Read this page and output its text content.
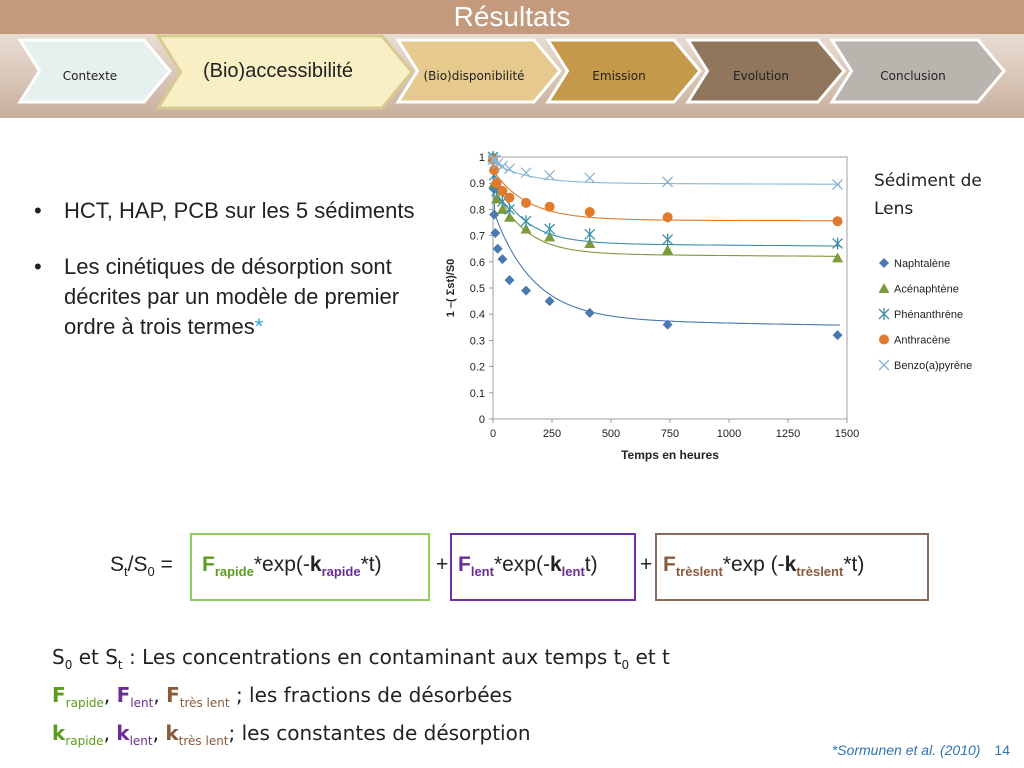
Résultats
Contexte	(Bio)accessibilité	(Bio)disponibilité	Emission	Evolution	Conclusion
• HCT, HAP, PCB sur les 5 sédiments
• Les cinétiques de désorption sont décrites par un modèle de premier ordre à trois termes*
0
0.1
0.2
0.3
0.4
0.5
0.6
0.7
0.8
0.9
1
0	250	500	750	1000	1250	1500
Temps en heures
1 –( Σst)/S0
Sédiment de Lens
Naphtalène
Acénaphtène
Phénanthrène
Anthracène
Benzo(a)pyrène
$S_t/S_0 = F_{rapide}*\exp(-k_{rapide}*t)$	+ $F_{lent}*\exp(-k_{lent}t) + F_{trèslent}*\exp$ $(-k_{trèslent}*t)$
$S_0$ et $S_t$ : Les concentrations en contaminant aux temps $t_0$ et t
$F_{rapide}$, $F_{lent}$, $F_{très lent}$ ; les fractions de désorbées
$k_{rapide}$, $k_{lent}$, $k_{très lent}$; les constantes de désorption
*Sormunen et al. (2010) 14
